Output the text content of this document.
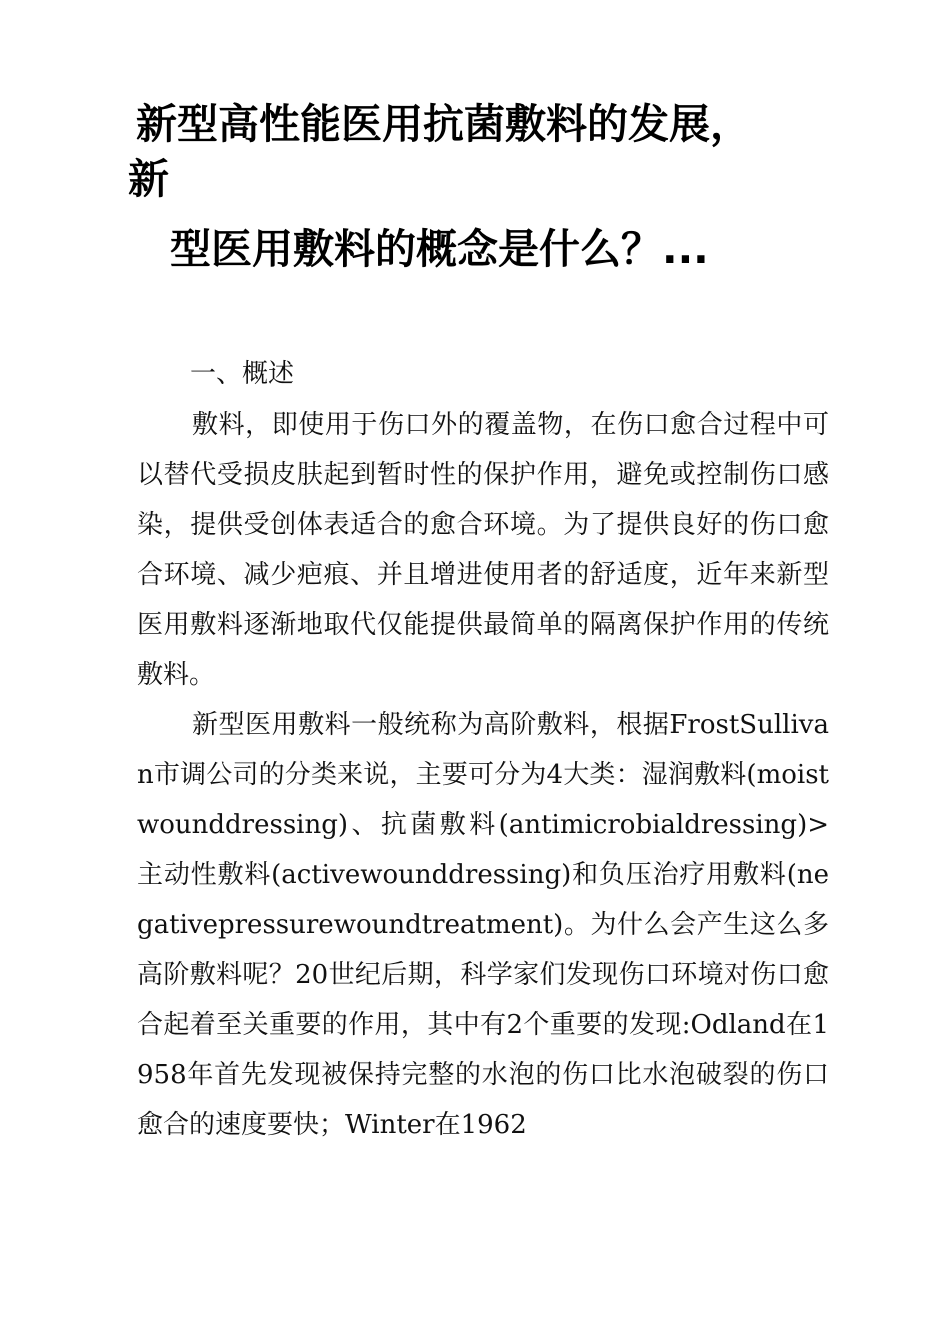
新型高性能医用抗菌敷料的发展，
新
型医用敷料的概念是什么？...
一、概述

敷料，即使用于伤口外的覆盖物，在伤口愈合过程中可以替代受损皮肤起到暂时性的保护作用，避免或控制伤口感染，提供受创体表适合的愈合环境。为了提供良好的伤口愈合环境、减少疤痕、并且增进使用者的舒适度，近年来新型医用敷料逐渐地取代仅能提供最简单的隔离保护作用的传统敷料。

新型医用敷料一般统称为高阶敷料，根据FrostSullivan市调公司的分类来说，主要可分为4大类：湿润敷料(moistwounddressing)、抗菌敷料(antimicrobialdressing)> 主动性敷料(activewounddressing)和负压治疗用敷料(negativepressurewoundtreatment)。为什么会产生这么多高阶敷料呢？20世纪后期，科学家们发现伤口环境对伤口愈合起着至关重要的作用，其中有2个重要的发现:Odland在1958年首先发现被保持完整的水泡的伤口比水泡破裂的伤口愈合的速度要快；Winter在1962
